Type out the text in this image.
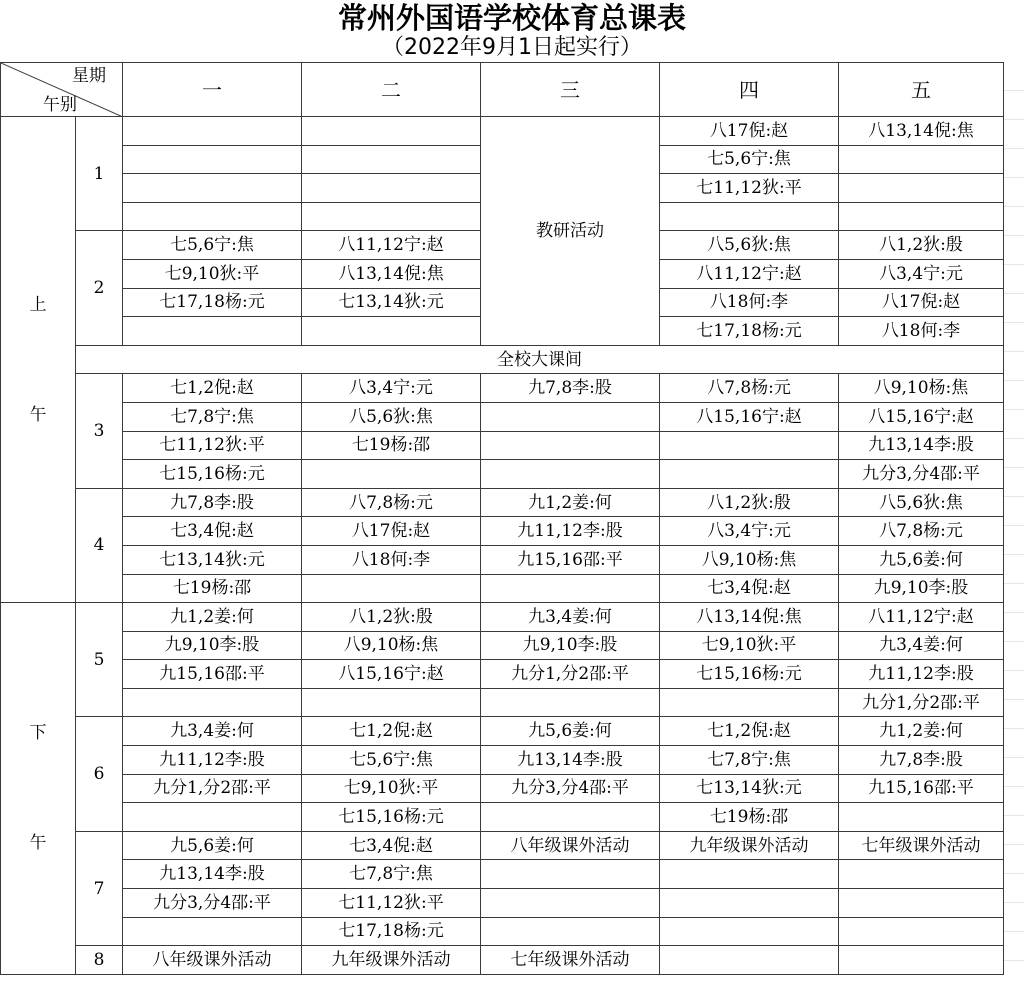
常州外国语学校体育总课表
（2022年9月1日起实行）
星期
午别		一	二	三	四	五

上
午	1			教研活动	八17倪:赵	八13,14倪:焦
					七5,6宁:焦	
					七11,12狄:平	

	2	七5,6宁:焦	八11,12宁:赵		八5,6狄:焦	八1,2狄:殷
		七9,10狄:平	八13,14倪:焦		八11,12宁:赵	八3,4宁:元
		七17,18杨:元	七13,14狄:元		八18何:李	八17倪:赵
					七17,18杨:元	八18何:李
	全校大课间					
	3	七1,2倪:赵	八3,4宁:元	九7,8李:股	八7,8杨:元	八9,10杨:焦
		七7,8宁:焦	八5,6狄:焦		八15,16宁:赵	八15,16宁:赵
		七11,12狄:平	七19杨:邵			九13,14李:股
		七15,16杨:元				九分3,分4邵:平
	4	九7,8李:股	八7,8杨:元	九1,2姜:何	八1,2狄:殷	八5,6狄:焦
		七3,4倪:赵	八17倪:赵	九11,12李:股	八3,4宁:元	八7,8杨:元
		七13,14狄:元	八18何:李	九15,16邵:平	八9,10杨:焦	九5,6姜:何
		七19杨:邵			七3,4倪:赵	九9,10李:股

下
午	5	九1,2姜:何	八1,2狄:殷	九3,4姜:何	八13,14倪:焦	八11,12宁:赵
		九9,10李:股	八9,10杨:焦	九9,10李:股	七9,10狄:平	九3,4姜:何
		九15,16邵:平	八15,16宁:赵	九分1,分2邵:平	七15,16杨:元	九11,12李:股
						九分1,分2邵:平
	6	九3,4姜:何	七1,2倪:赵	九5,6姜:何	七1,2倪:赵	九1,2姜:何
		九11,12李:股	七5,6宁:焦	九13,14李:股	七7,8宁:焦	九7,8李:股
		九分1,分2邵:平	七9,10狄:平	九分3,分4邵:平	七13,14狄:元	九15,16邵:平
			七15,16杨:元		七19杨:邵	
	7	九5,6姜:何	七3,4倪:赵	八年级课外活动	九年级课外活动	七年级课外活动
		九13,14李:股	七7,8宁:焦			
		九分3,分4邵:平	七11,12狄:平			
			七17,18杨:元			
	8	八年级课外活动	九年级课外活动	七年级课外活动		
